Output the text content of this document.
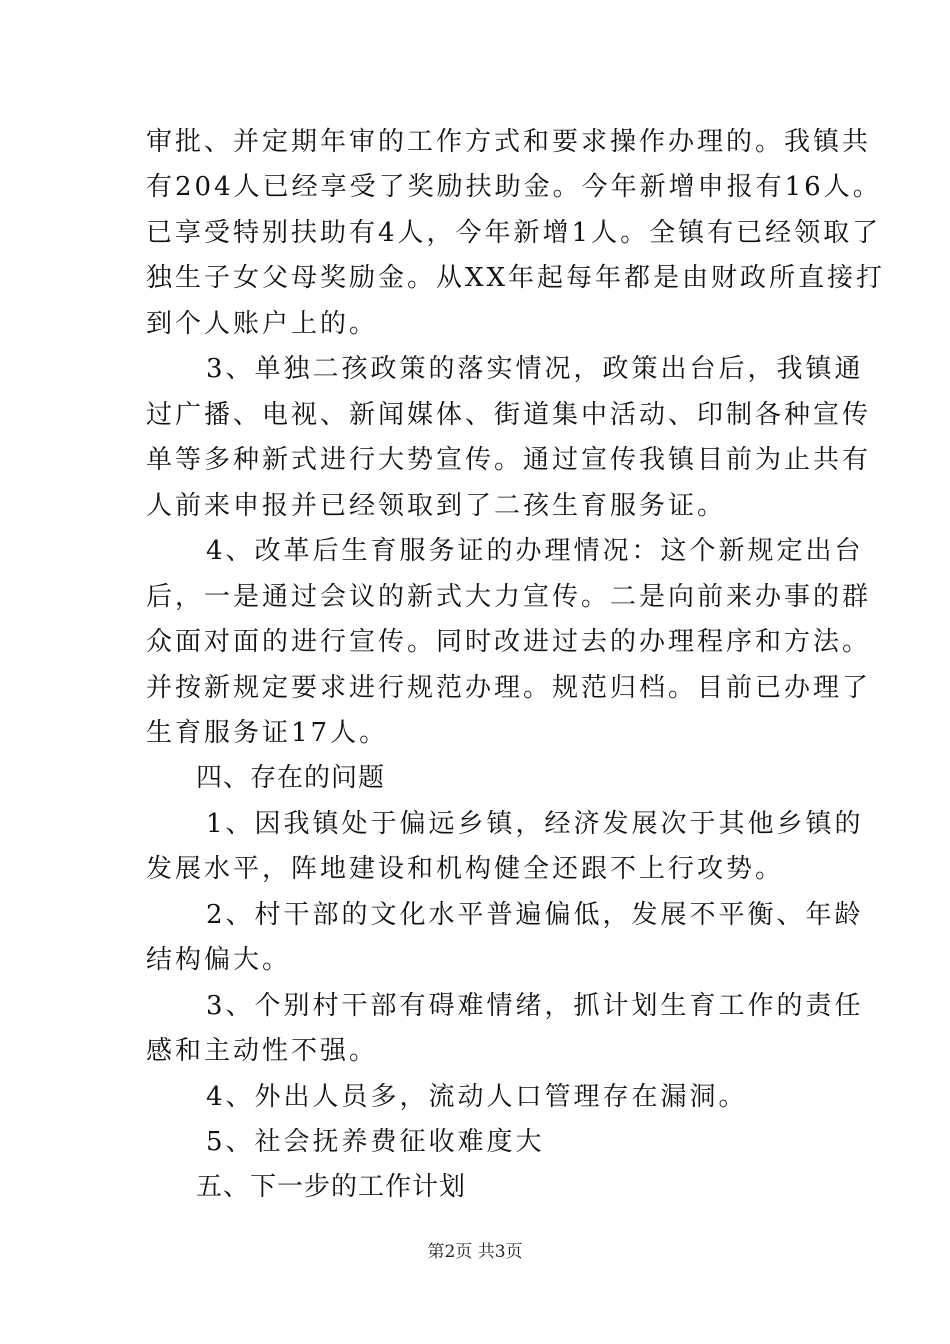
审批、并定期年审的工作方式和要求操作办理的。我镇共
有204人已经享受了奖励扶助金。今年新增申报有16人。
已享受特别扶助有4人，今年新增1人。全镇有已经领取了
独生子女父母奖励金。从XX年起每年都是由财政所直接打
到个人账户上的。
3、单独二孩政策的落实情况，政策出台后，我镇通
过广播、电视、新闻媒体、街道集中活动、印制各种宣传
单等多种新式进行大势宣传。通过宣传我镇目前为止共有
人前来申报并已经领取到了二孩生育服务证。
4、改革后生育服务证的办理情况：这个新规定出台
后，一是通过会议的新式大力宣传。二是向前来办事的群
众面对面的进行宣传。同时改进过去的办理程序和方法。
并按新规定要求进行规范办理。规范归档。目前已办理了
生育服务证17人。
四、存在的问题
1、因我镇处于偏远乡镇，经济发展次于其他乡镇的
发展水平，阵地建设和机构健全还跟不上行攻势。
2、村干部的文化水平普遍偏低，发展不平衡、年龄
结构偏大。
3、个别村干部有碍难情绪，抓计划生育工作的责任
感和主动性不强。
4、外出人员多，流动人口管理存在漏洞。
5、社会抚养费征收难度大
五、下一步的工作计划
第2页 共3页
